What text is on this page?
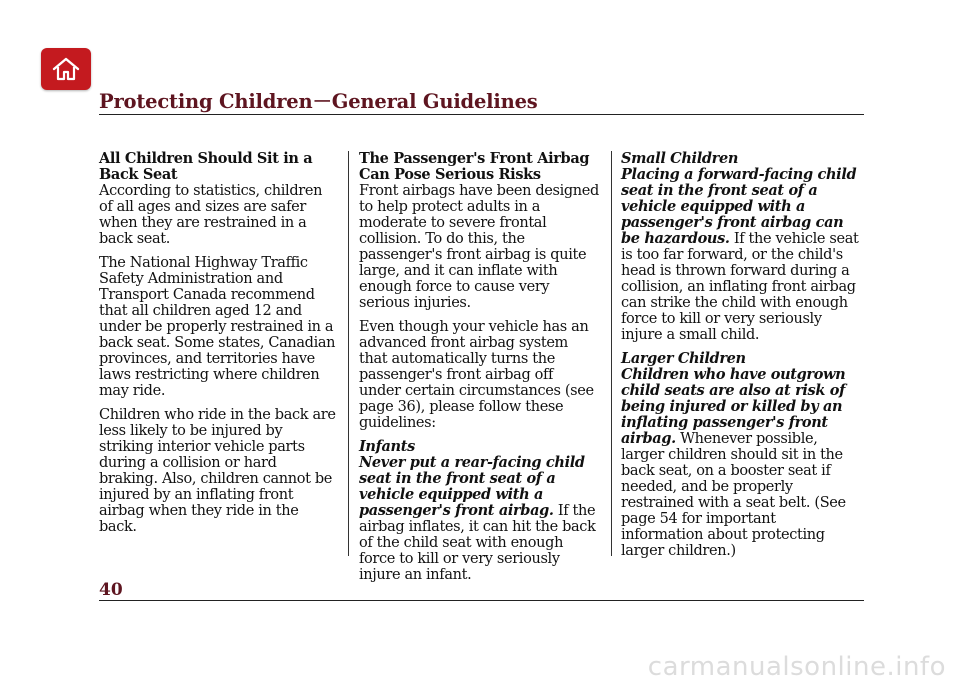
Protecting Children－General Guidelines
All Children Should Sit in a Back Seat

According to statistics, children of all ages and sizes are safer when they are restrained in a back seat.

The National Highway Traffic Safety Administration and Transport Canada recommend that all children aged 12 and under be properly restrained in a back seat. Some states, Canadian provinces, and territories have laws restricting where children may ride.

Children who ride in the back are less likely to be injured by striking interior vehicle parts during a collision or hard braking. Also, children cannot be injured by an inflating front airbag when they ride in the back.

The Passenger's Front Airbag Can Pose Serious Risks

Front airbags have been designed to help protect adults in a moderate to severe frontal collision. To do this, the passenger's front airbag is quite large, and it can inflate with enough force to cause very serious injuries.

Even though your vehicle has an advanced front airbag system that automatically turns the passenger's front airbag off under certain circumstances (see page 36), please follow these guidelines:

Infants

Never put a rear-facing child seat in the front seat of a vehicle equipped with a passenger's front airbag. If the airbag inflates, it can hit the back of the child seat with enough force to kill or very seriously injure an infant.

Small Children

Placing a forward-facing child seat in the front seat of a vehicle equipped with a passenger's front airbag can be hazardous. If the vehicle seat is too far forward, or the child's head is thrown forward during a collision, an inflating front airbag can strike the child with enough force to kill or very seriously injure a small child.

Larger Children

Children who have outgrown child seats are also at risk of being injured or killed by an inflating passenger's front airbag. Whenever possible, larger children should sit in the back seat, on a booster seat if needed, and be properly restrained with a seat belt. (See page 54 for important information about protecting larger children.)

40
carmanualsonline.info
